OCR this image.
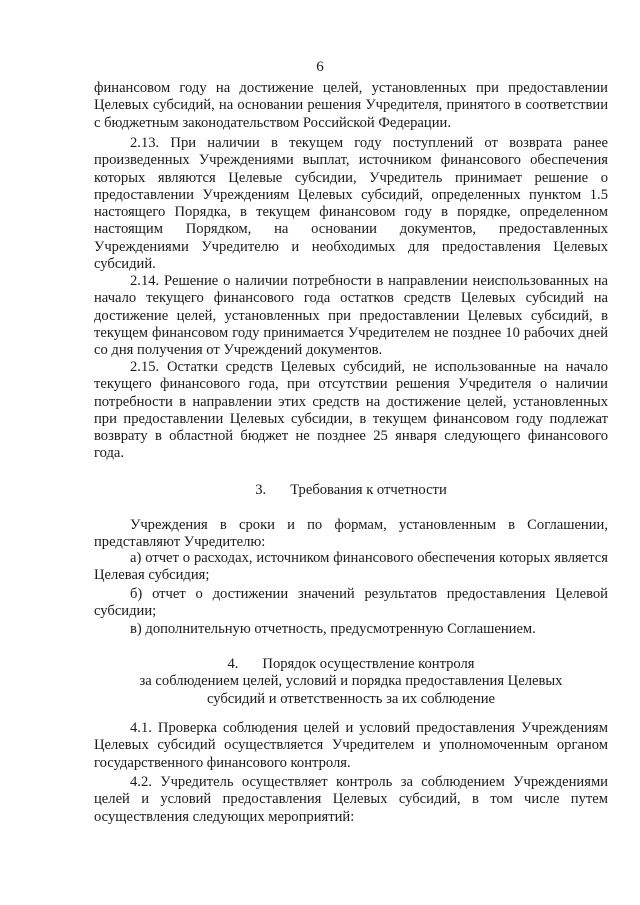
6

финансовом году на достижение целей, установленных при предоставлении Целевых субсидий, на основании решения Учредителя, принятого в соответствии с бюджетным законодательством Российской Федерации.

2.13. При наличии в текущем году поступлений от возврата ранее произведенных Учреждениями выплат, источником финансового обеспечения которых являются Целевые субсидии, Учредитель принимает решение о предоставлении Учреждениям Целевых субсидий, определенных пунктом 1.5 настоящего Порядка, в текущем финансовом году в порядке, определенном настоящим Порядком, на основании документов, предоставленных Учреждениями Учредителю и необходимых для предоставления Целевых субсидий.

2.14. Решение о наличии потребности в направлении неиспользованных на начало текущего финансового года остатков средств Целевых субсидий на достижение целей, установленных при предоставлении Целевых субсидий, в текущем финансовом году принимается Учредителем не позднее 10 рабочих дней со дня получения от Учреждений документов.

2.15. Остатки средств Целевых субсидий, не использованные на начало текущего финансового года, при отсутствии решения Учредителя о наличии потребности в направлении этих средств на достижение целей, установленных при предоставлении Целевых субсидии, в текущем финансовом году подлежат возврату в областной бюджет не позднее 25 января следующего финансового года.

3. Требования к отчетности

Учреждения в сроки и по формам, установленным в Соглашении, представляют Учредителю:

а) отчет о расходах, источником финансового обеспечения которых является Целевая субсидия;

б) отчет о достижении значений результатов предоставления Целевой субсидии;

в) дополнительную отчетность, предусмотренную Соглашением.

4. Порядок осуществление контроля
за соблюдением целей, условий и порядка предоставления Целевых
субсидий и ответственность за их соблюдение

4.1. Проверка соблюдения целей и условий предоставления Учреждениям Целевых субсидий осуществляется Учредителем и уполномоченным органом государственного финансового контроля.

4.2. Учредитель осуществляет контроль за соблюдением Учреждениями целей и условий предоставления Целевых субсидий, в том числе путем осуществления следующих мероприятий:
